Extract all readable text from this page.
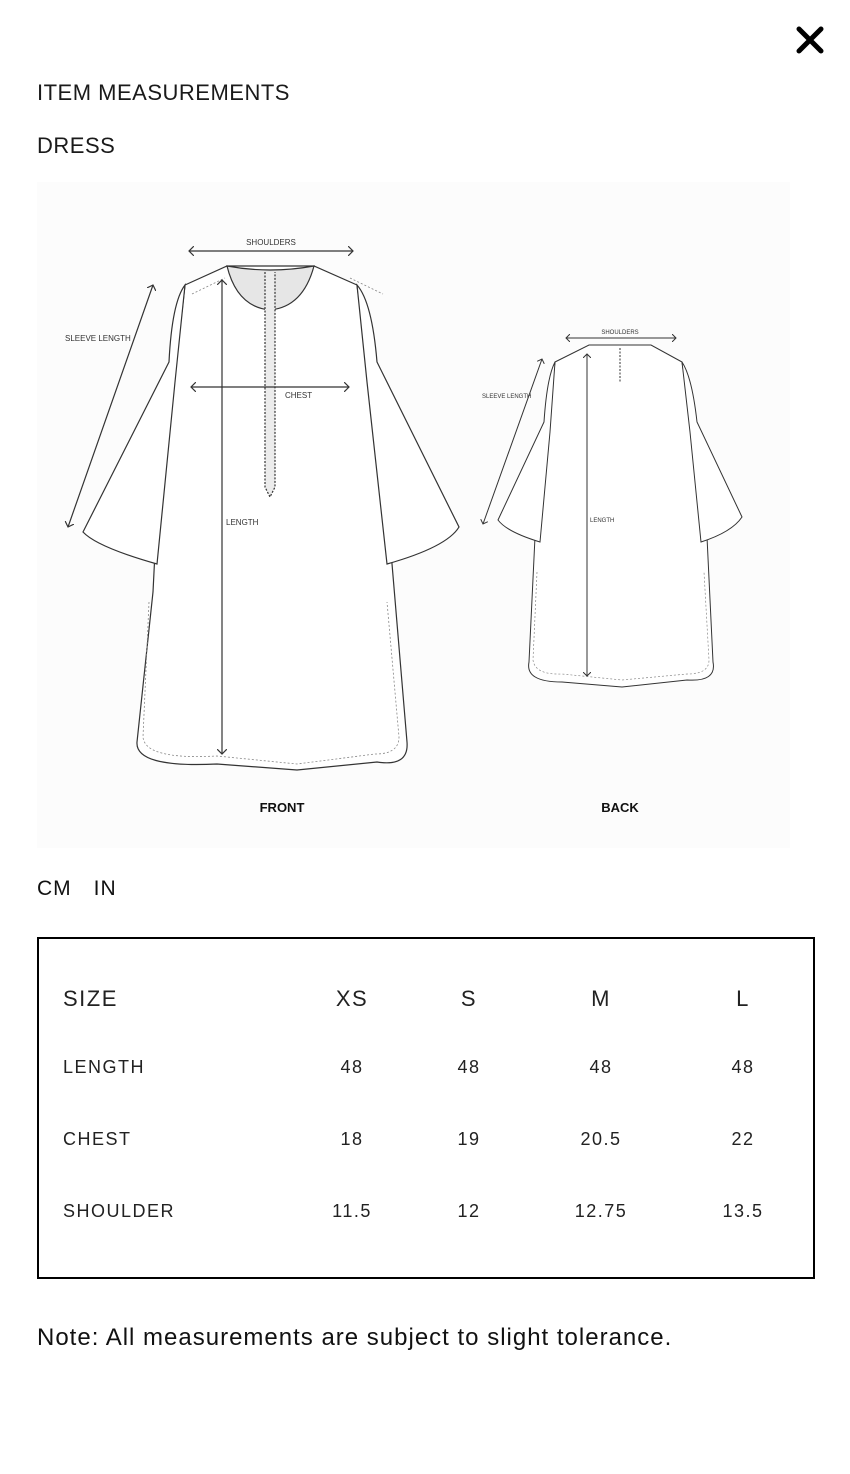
ITEM MEASUREMENTS
DRESS
SHOULDERS
SLEEVE LENGTH
CHEST
LENGTH
FRONT
SHOULDERS
SLEEVE LENGTH
LENGTH
BACK
CM IN
SIZE	XS	S	M	L
LENGTH	48	48	48	48
CHEST	18	19	20.5	22
SHOULDER	11.5	12	12.75	13.5
Note: All measurements are subject to slight tolerance.
